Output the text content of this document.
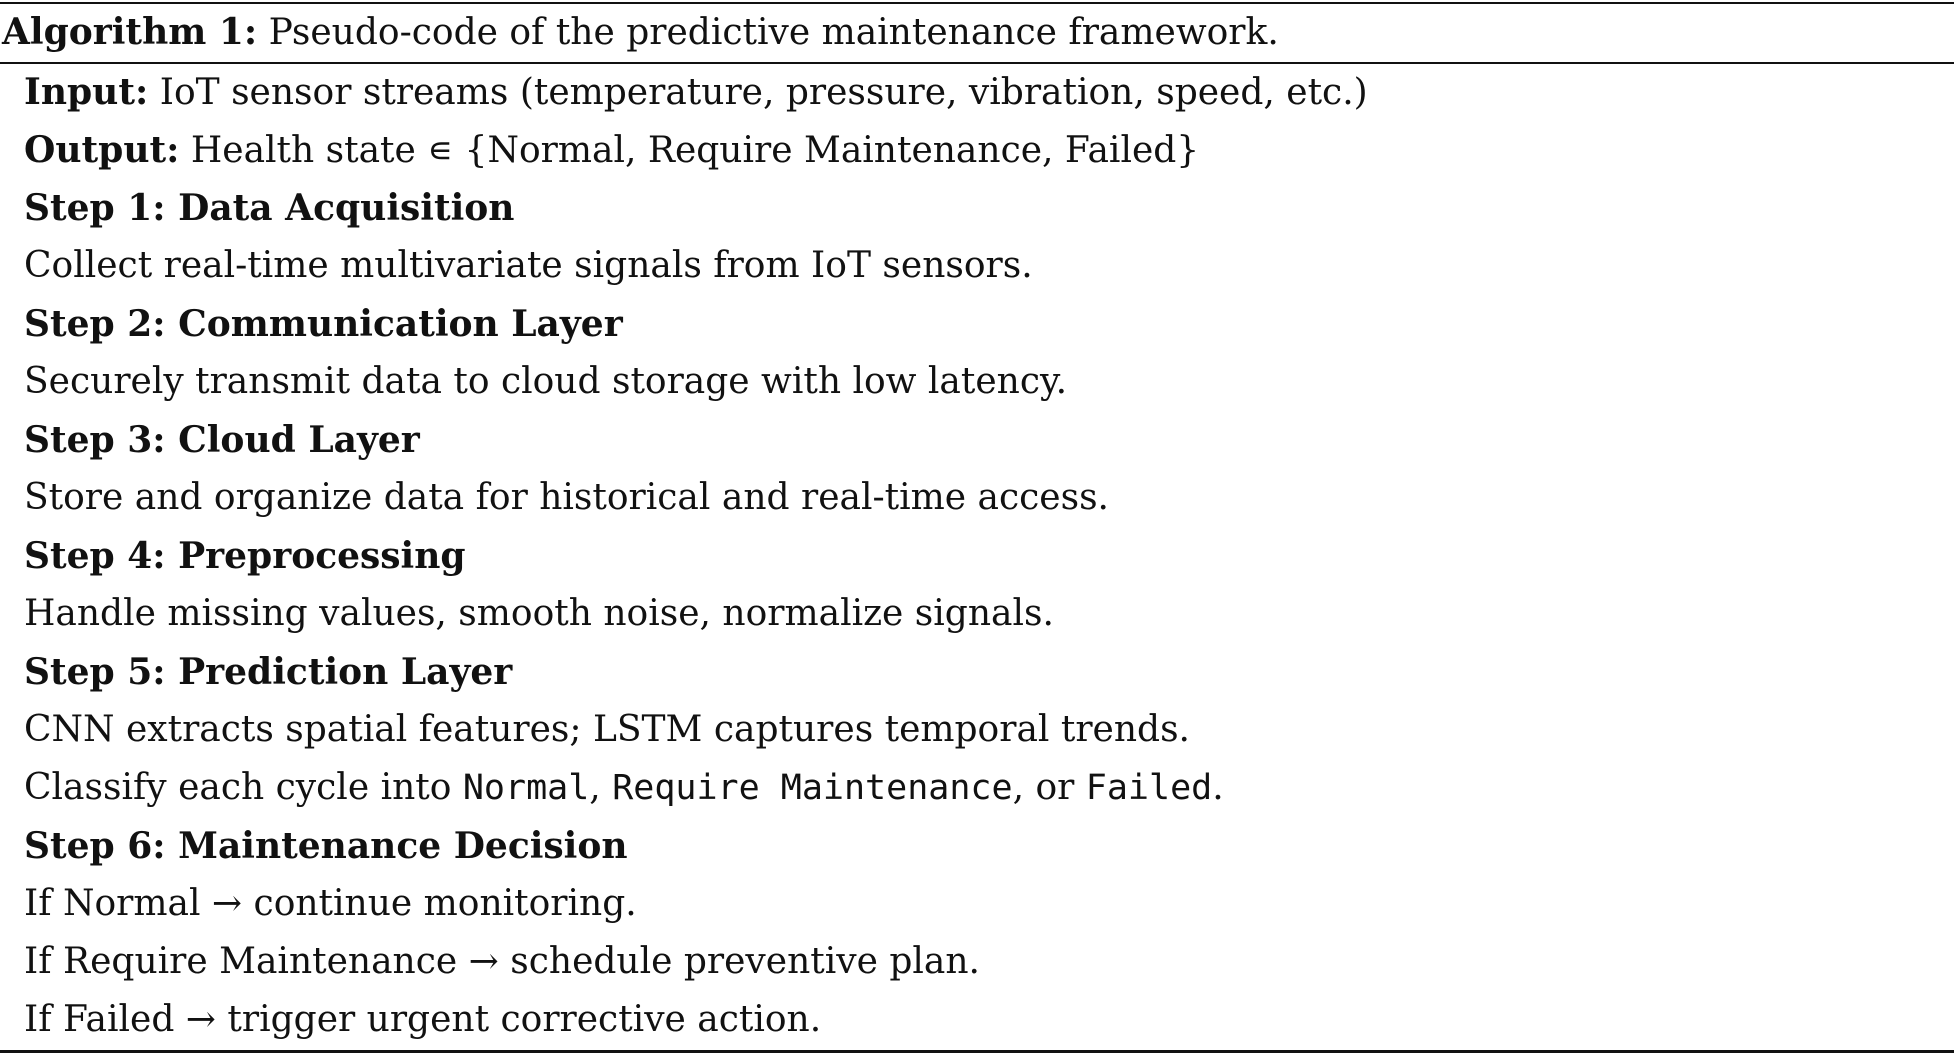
Algorithm 1: Pseudo-code of the predictive maintenance framework.
Input: IoT sensor streams (temperature, pressure, vibration, speed, etc.)
Output: Health state ∊ {Normal, Require Maintenance, Failed}
Step 1: Data Acquisition
Collect real-time multivariate signals from IoT sensors.
Step 2: Communication Layer
Securely transmit data to cloud storage with low latency.
Step 3: Cloud Layer
Store and organize data for historical and real-time access.
Step 4: Preprocessing
Handle missing values, smooth noise, normalize signals.
Step 5: Prediction Layer
CNN extracts spatial features; LSTM captures temporal trends.
Classify each cycle into Normal, Require Maintenance, or Failed.
Step 6: Maintenance Decision
If Normal → continue monitoring.
If Require Maintenance → schedule preventive plan.
If Failed → trigger urgent corrective action.
